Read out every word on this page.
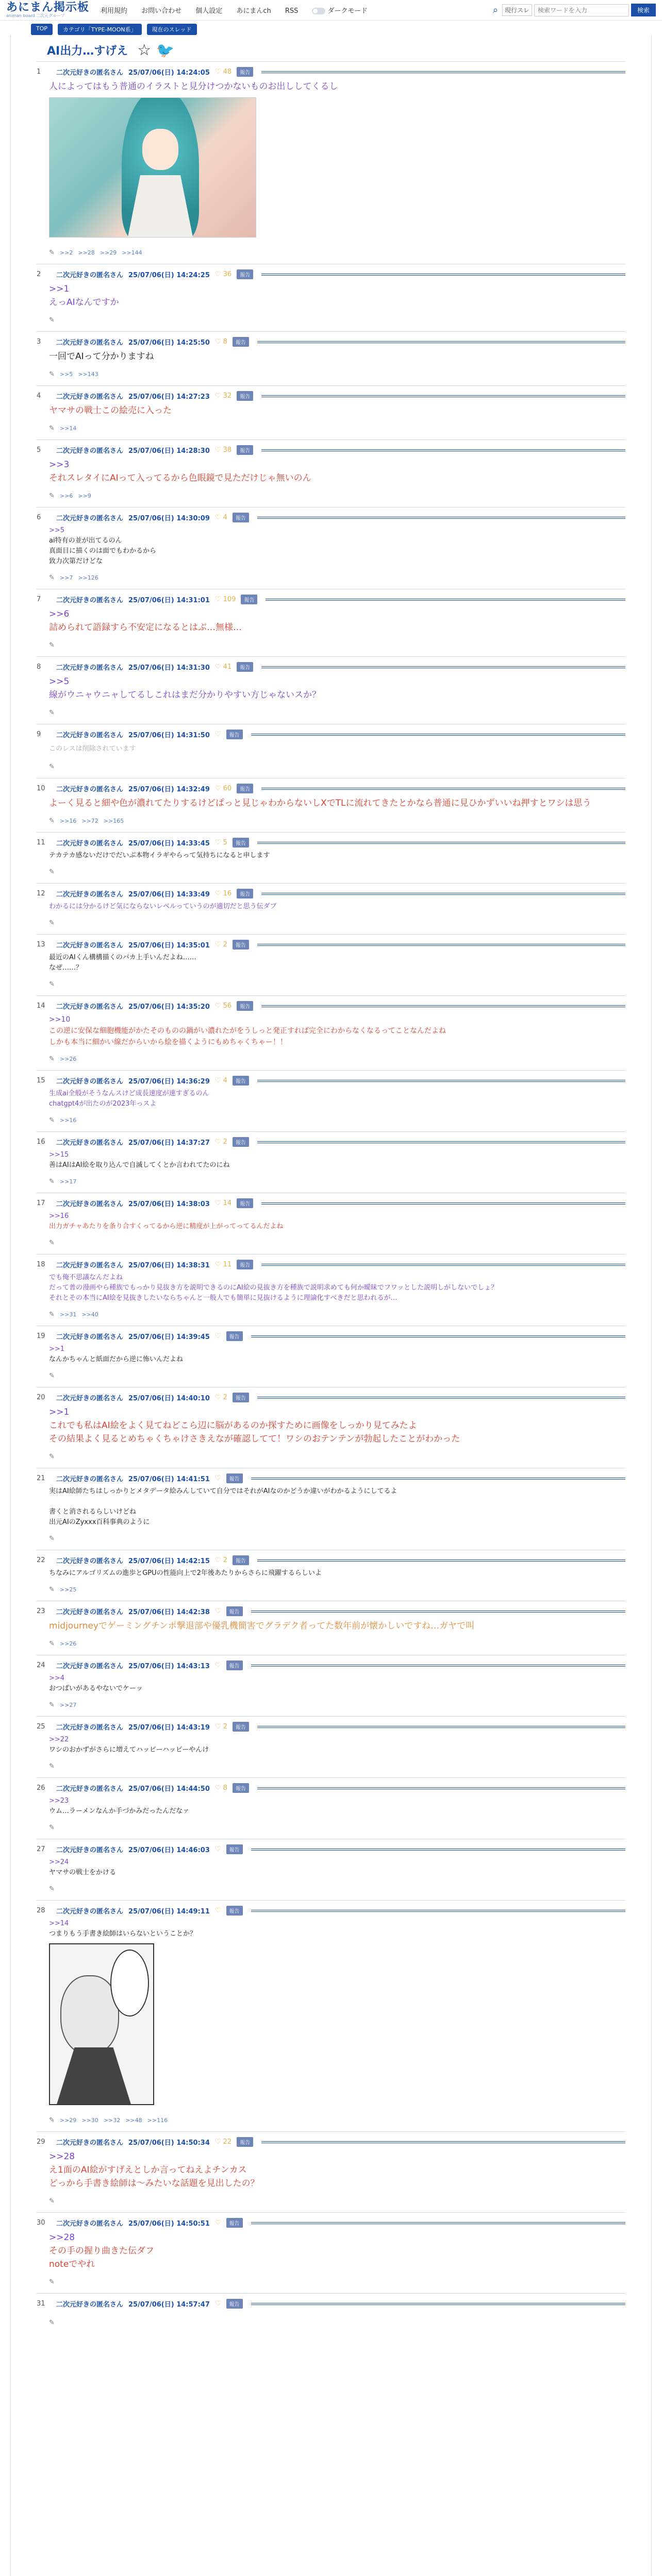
あにまん掲示板
animan board 二次元グループ
利用規約 お問い合わせ 個人設定 あにまんch RSS	ダークモード	⌕	現行スレ
検索ワードを入力	検索
TOP	カテゴリ「TYPE-MOON系」	現在のスレッド
AI出力…すげえ ☆ 🐦
1	二次元好きの匿名さん 25/07/06(日) 14:24:05 ♡ 48	報告
人によってはもう普通のイラストと見分けつかないものお出ししてくるし
✎ >>2 >>28 >>29 >>144
2	二次元好きの匿名さん 25/07/06(日) 14:24:25 ♡ 36	報告
>>1
えっAIなんですか
✎
3	二次元好きの匿名さん 25/07/06(日) 14:25:50 ♡ 8	報告
一回でAIって分かりますね
✎ >>5 >>143
4	二次元好きの匿名さん 25/07/06(日) 14:27:23 ♡ 32	報告
ヤマサの戦士この絵売に入った
✎ >>14
5	二次元好きの匿名さん 25/07/06(日) 14:28:30 ♡ 38	報告
>>3
それスレタイにAIって入ってるから色眼鏡で見ただけじゃ無いのん
✎ >>6 >>9
6	二次元好きの匿名さん 25/07/06(日) 14:30:09 ♡ 4	報告
>>5
ai特有の並が出てるのん
真面目に描くのは面でもわかるから
致力次第だけどな
✎ >>7 >>126
7	二次元好きの匿名さん 25/07/06(日) 14:31:01 ♡ 109	報告
>>6
詰められて語録すら不安定になるとはぶ…無様…
✎
8	二次元好きの匿名さん 25/07/06(日) 14:31:30 ♡ 41	報告
>>5
線がウニャウニャしてるしこれはまだ分かりやすい方じゃないスか？
✎
9	二次元好きの匿名さん 25/07/06(日) 14:31:50 ♡	報告
このレスは削除されています
✎
10	二次元好きの匿名さん 25/07/06(日) 14:32:49 ♡ 60	報告
よーく見ると細や色が濃れてたりするけどぱっと見じゃわからないしXでTLに流れてきたとかなら普通に見ひかずいいね押すとワシは思う
✎ >>16 >>72 >>165
11	二次元好きの匿名さん 25/07/06(日) 14:33:45 ♡ 5	報告
テカテカ感ないだけでだいぶ本物イラギやらって気持ちになると申します
✎
12	二次元好きの匿名さん 25/07/06(日) 14:33:49 ♡ 16	報告
わかるには分かるけど気にならないレベルっていうのが適切だと思う伝ダブ
✎
13	二次元好きの匿名さん 25/07/06(日) 14:35:01 ♡ 2	報告
最近のAIくん構構描くのパカ上手いんだよね……
なぜ……？
✎
14	二次元好きの匿名さん 25/07/06(日) 14:35:20 ♡ 56	報告
>>10
この逆に安保な細胞機能がかたそのものの鍋がい濃れたがをうしっと発正すれば完全にわからなくなるってことなんだよね
しかも本当に細かい線だからいから絵を描くようにもめちゃくちゃー！！
✎ >>26
15	二次元好きの匿名さん 25/07/06(日) 14:36:29 ♡ 4	報告
生成ai全般がそうなんスけど成長速度が速すぎるのん
chatgpt4が出たのが2023年っスよ
✎ >>16
16	二次元好きの匿名さん 25/07/06(日) 14:37:27 ♡ 2	報告
>>15
善はAIはAI絵を取り込んで自滅してくとか言われてたのにね
✎ >>17
17	二次元好きの匿名さん 25/07/06(日) 14:38:03 ♡ 14	報告
>>16
出力ガチャあたりを条り合すくってるから逆に精度が上がってってるんだよね
✎
18	二次元好きの匿名さん 25/07/06(日) 14:38:31 ♡ 11	報告
でも俺不思議なんだよね
だって普の漫画やら種族でもっかり見抜き方を説明できるのにAI絵の見抜き方を種族で説明求めても何か曖昧でフワッとした説明しがしないでしょ？
それとその本当にAI絵を見抜きしたいならちゃんと一般人でも簡単に見抜けるように理論化すべきだと思われるが…
✎ >>31 >>40
19	二次元好きの匿名さん 25/07/06(日) 14:39:45 ♡	報告
>>1
なんかちゃんと紙面だから逆に怖いんだよね
✎
20	二次元好きの匿名さん 25/07/06(日) 14:40:10 ♡ 2	報告
>>1
これでも私はAI絵をよく見てねどこら辺に脳があるのか探すために画像をしっかり見てみたよ
その結果よく見るとめちゃくちゃけさきえなが確認してて！ワシのおテンテンが勃起したことがわかった
✎
21	二次元好きの匿名さん 25/07/06(日) 14:41:51 ♡	報告
実はAI絵師たちはしっかりとメタデータ絵みんしていて自分ではそれがAIなのかどうか違いがわかるようにしてるよ

書くと消されるらしいけどね
出元AIのZyxxx百科事典のように
✎
22	二次元好きの匿名さん 25/07/06(日) 14:42:15 ♡ 2	報告
ちなみにアルゴリズムの進歩とGPUの性能向上で2年後あたりからさらに飛躍するらしいよ
✎ >>25
23	二次元好きの匿名さん 25/07/06(日) 14:42:38 ♡	報告
midjourneyでゲーミングチンポ撃退部や優乳機簡害でグラデク者ってた数年前が懐かしいですね…ガヤで叫
✎ >>26
24	二次元好きの匿名さん 25/07/06(日) 14:43:13 ♡	報告
>>4
おつぱいがあるやないでケーッ
✎ >>27
25	二次元好きの匿名さん 25/07/06(日) 14:43:19 ♡ 2	報告
>>22
ワシのおかずがさらに増えてハッピーハッピーやんけ
✎
26	二次元好きの匿名さん 25/07/06(日) 14:44:50 ♡ 8	報告
>>23
ウム…ラーメンなんか手づかみだったんだなァ
✎
27	二次元好きの匿名さん 25/07/06(日) 14:46:03 ♡	報告
>>24
ヤマサの戦士をかける
✎
28	二次元好きの匿名さん 25/07/06(日) 14:49:11 ♡	報告
>>14
つまりもう手書き絵師はいらないということか？
✎ >>29 >>30 >>32 >>48 >>116
29	二次元好きの匿名さん 25/07/06(日) 14:50:34 ♡ 22	報告
>>28
え1面のAI絵がすげえとしか言ってねえよチンカス
どっから手書き絵師は〜みたいな話題を見出したの？
✎
30	二次元好きの匿名さん 25/07/06(日) 14:50:51 ♡	報告
>>28
その手の握り曲きた伝ダフ
noteでやれ
✎
31	二次元好きの匿名さん 25/07/06(日) 14:57:47 ♡	報告
✎
